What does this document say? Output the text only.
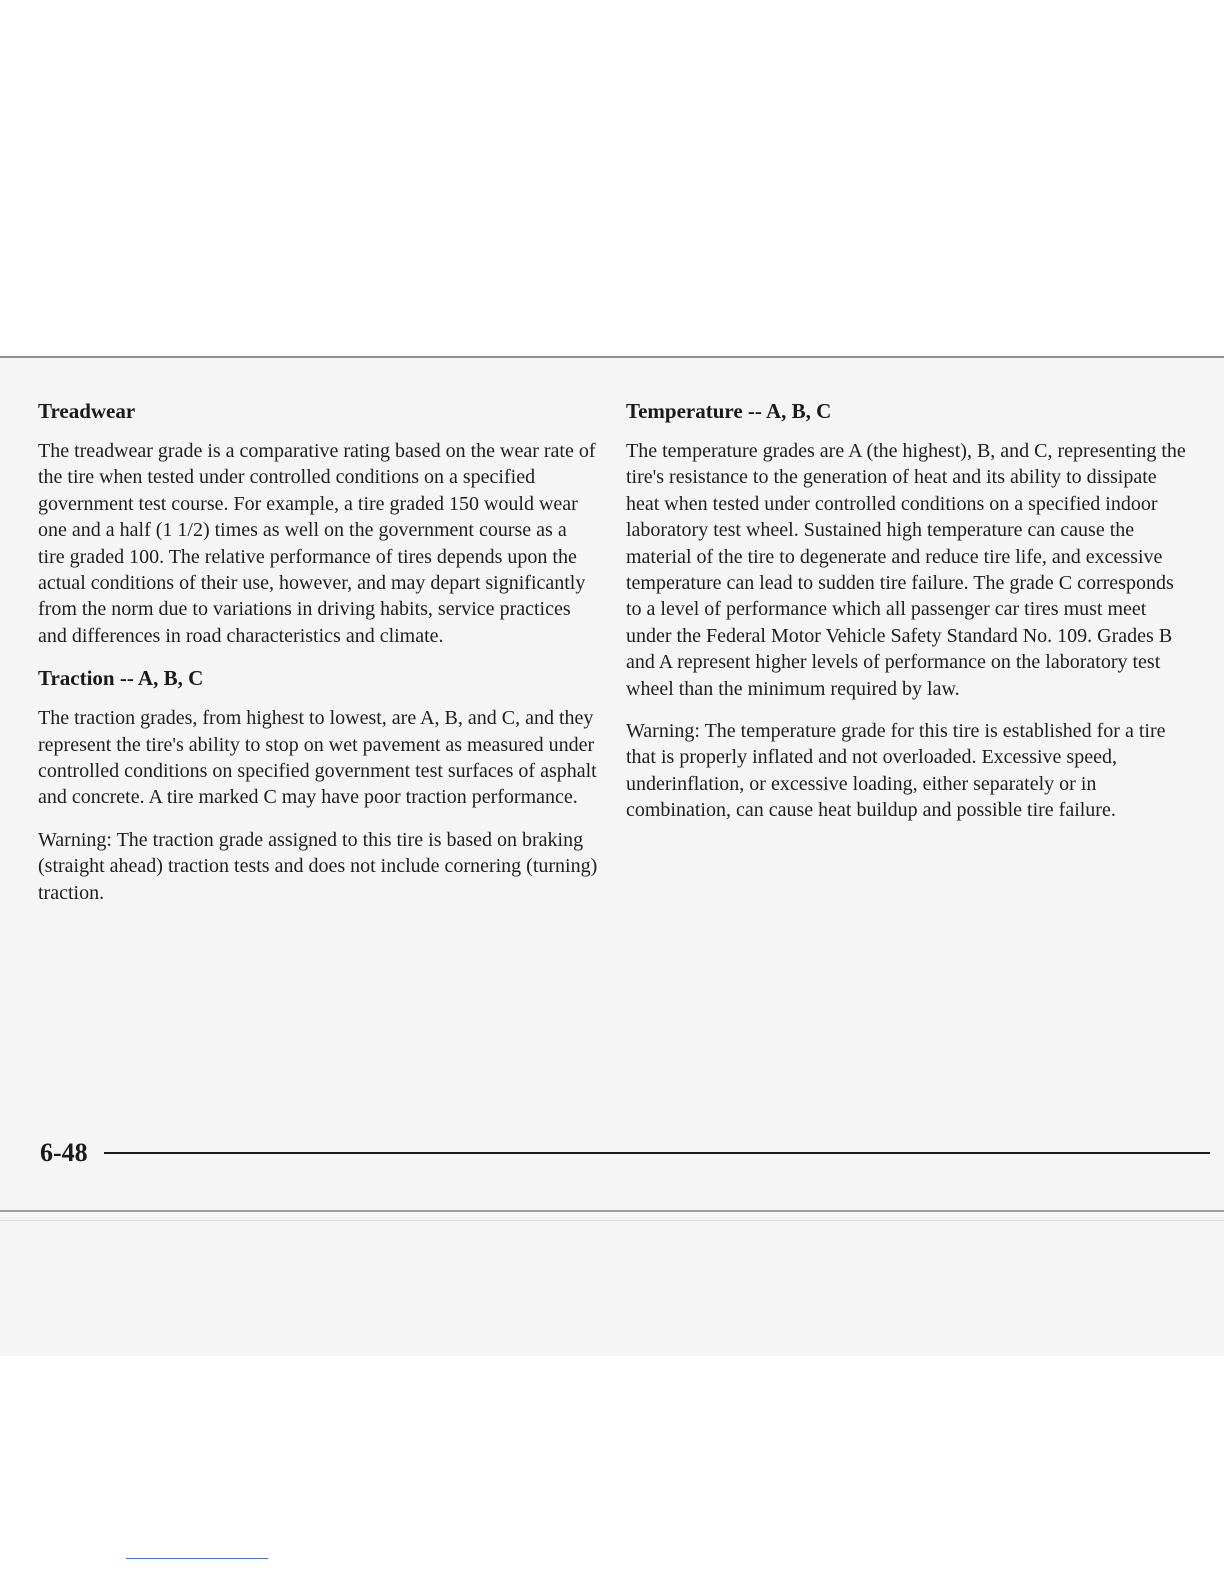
Treadwear

The treadwear grade is a comparative rating based on the wear rate of the tire when tested under controlled conditions on a specified government test course. For example, a tire graded 150 would wear one and a half (1 1/2) times as well on the government course as a tire graded 100. The relative performance of tires depends upon the actual conditions of their use, however, and may depart significantly from the norm due to variations in driving habits, service practices and differences in road characteristics and climate.

Traction -- A, B, C

The traction grades, from highest to lowest, are A, B, and C, and they represent the tire's ability to stop on wet pavement as measured under controlled conditions on specified government test surfaces of asphalt and concrete. A tire marked C may have poor traction performance.

Warning: The traction grade assigned to this tire is based on braking (straight ahead) traction tests and does not include cornering (turning) traction.

Temperature -- A, B, C

The temperature grades are A (the highest), B, and C, representing the tire's resistance to the generation of heat and its ability to dissipate heat when tested under controlled conditions on a specified indoor laboratory test wheel. Sustained high temperature can cause the material of the tire to degenerate and reduce tire life, and excessive temperature can lead to sudden tire failure. The grade C corresponds to a level of performance which all passenger car tires must meet under the Federal Motor Vehicle Safety Standard No. 109. Grades B and A represent higher levels of performance on the laboratory test wheel than the minimum required by law.

Warning: The temperature grade for this tire is established for a tire that is properly inflated and not overloaded. Excessive speed, underinflation, or excessive loading, either separately or in combination, can cause heat buildup and possible tire failure.

6-48
